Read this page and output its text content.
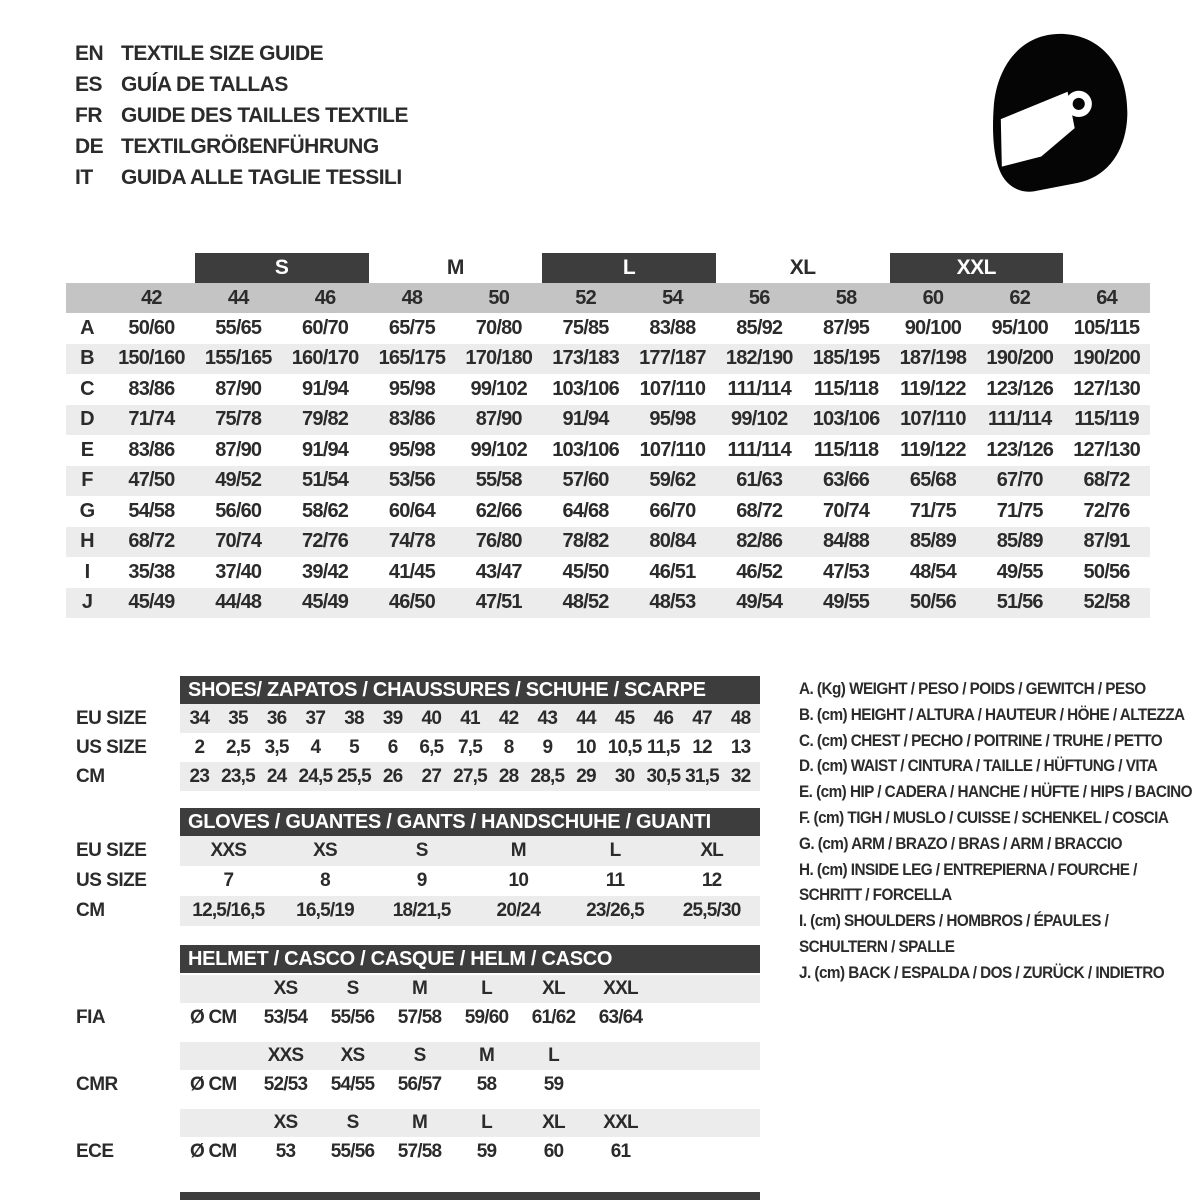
EN TEXTILE SIZE GUIDE
ES GUÍA DE TALLAS
FR GUIDE DES TAILLES TEXTILE
DE TEXTILGRÖßENFÜHRUNG
IT	GUIDA ALLE TAGLIE TESSILI
S	M	L	XL	XXL
42	44	46	48	50	52	54	56	58	60	62	64
A	50/60	55/65	60/70	65/75	70/80	75/85	83/88	85/92	87/95	90/100	95/100	105/115
B	150/160	155/165	160/170	165/175	170/180	173/183	177/187	182/190	185/195	187/198	190/200	190/200
C	83/86	87/90	91/94	95/98	99/102	103/106	107/110	111/114	115/118	119/122	123/126	127/130
D	71/74	75/78	79/82	83/86	87/90	91/94	95/98	99/102	103/106	107/110	111/114	115/119
E	83/86	87/90	91/94	95/98	99/102	103/106	107/110	111/114	115/118	119/122	123/126	127/130
F	47/50	49/52	51/54	53/56	55/58	57/60	59/62	61/63	63/66	65/68	67/70	68/72
G	54/58	56/60	58/62	60/64	62/66	64/68	66/70	68/72	70/74	71/75	71/75	72/76
H	68/72	70/74	72/76	74/78	76/80	78/82	80/84	82/86	84/88	85/89	85/89	87/91
I	35/38	37/40	39/42	41/45	43/47	45/50	46/51	46/52	47/53	48/54	49/55	50/56
J	45/49	44/48	45/49	46/50	47/51	48/52	48/53	49/54	49/55	50/56	51/56	52/58
SHOES/ ZAPATOS / CHAUSSURES / SCHUHE / SCARPE
EU SIZE	34 35 36 37 38 39 40 41 42 43 44 45 46 47 48
US SIZE	2 2,5 3,5 4 5 6 6,5 7,5 8 9 10 10,5 11,5 12 13
CM	23 23,5 24 24,5 25,5 26 27 27,5 28 28,5 29 30 30,5 31,5 32
GLOVES / GUANTES / GANTS / HANDSCHUHE / GUANTI
EU SIZE	XXS	XS	S	M	L	XL
US SIZE	7	8	9	10	11	12
CM	12,5/16,5 16,5/19 18/21,5 20/24 23/26,5 25,5/30
HELMET / CASCO / CASQUE / HELM / CASCO
XS	S	M	L	XL XXL
FIA	Ø CM 53/54 55/56 57/58 59/60 61/62 63/64
XXS XS	S	M	L
CMR	Ø CM 52/53 54/55 56/57 58 59
XS	S	M	L	XL XXL
ECE	Ø CM 53 55/56 57/58 59 60 61
A. (Kg) WEIGHT / PESO / POIDS / GEWITCH / PESO
B. (cm) HEIGHT / ALTURA / HAUTEUR / HÖHE / ALTEZZA
C. (cm) CHEST / PECHO / POITRINE / TRUHE / PETTO
D. (cm) WAIST / CINTURA / TAILLE / HÜFTUNG / VITA
E. (cm) HIP / CADERA / HANCHE / HÜFTE / HIPS / BACINO
F. (cm) TIGH / MUSLO / CUISSE / SCHENKEL / COSCIA
G. (cm) ARM / BRAZO / BRAS / ARM / BRACCIO
H. (cm) INSIDE LEG / ENTREPIERNA / FOURCHE /
SCHRITT / FORCELLA
I. (cm) SHOULDERS / HOMBROS / ÉPAULES /
SCHULTERN / SPALLE
J. (cm) BACK / ESPALDA / DOS / ZURÜCK / INDIETRO
